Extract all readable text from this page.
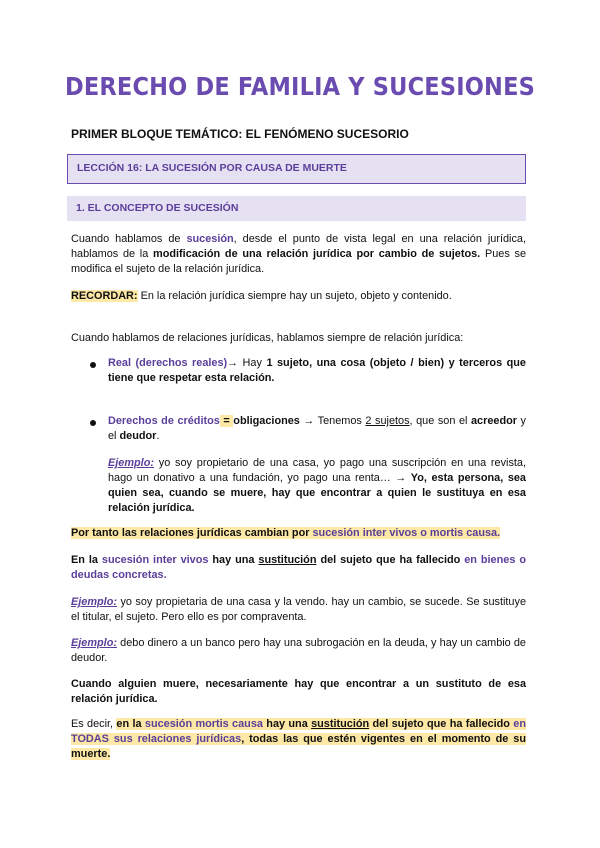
DERECHO DE FAMILIA Y SUCESIONES
PRIMER BLOQUE TEMÁTICO: EL FENÓMENO SUCESORIO
LECCIÓN 16: LA SUCESIÓN POR CAUSA DE MUERTE
1. EL CONCEPTO DE SUCESIÓN
Cuando hablamos de sucesión, desde el punto de vista legal en una relación jurídica, hablamos de la modificación de una relación jurídica por cambio de sujetos. Pues se modifica el sujeto de la relación jurídica.
RECORDAR: En la relación jurídica siempre hay un sujeto, objeto y contenido.
Cuando hablamos de relaciones jurídicas, hablamos siempre de relación jurídica:
Real (derechos reales)→ Hay 1 sujeto, una cosa (objeto / bien) y terceros que tiene que respetar esta relación.
Derechos de créditos = obligaciones → Tenemos 2 sujetos, que son el acreedor y el deudor.
Ejemplo: yo soy propietario de una casa, yo pago una suscripción en una revista, hago un donativo a una fundación, yo pago una renta… → Yo, esta persona, sea quien sea, cuando se muere, hay que encontrar a quien le sustituya en esa relación jurídica.
Por tanto las relaciones jurídicas cambian por sucesión inter vivos o mortis causa.
En la sucesión inter vivos hay una sustitución del sujeto que ha fallecido en bienes o deudas concretas.
Ejemplo: yo soy propietaria de una casa y la vendo. hay un cambio, se sucede. Se sustituye el titular, el sujeto. Pero ello es por compraventa.
Ejemplo: debo dinero a un banco pero hay una subrogación en la deuda, y hay un cambio de deudor.
Cuando alguien muere, necesariamente hay que encontrar a un sustituto de esa relación jurídica.
Es decir, en la sucesión mortis causa hay una sustitución del sujeto que ha fallecido en TODAS sus relaciones jurídicas, todas las que estén vigentes en el momento de su muerte.
